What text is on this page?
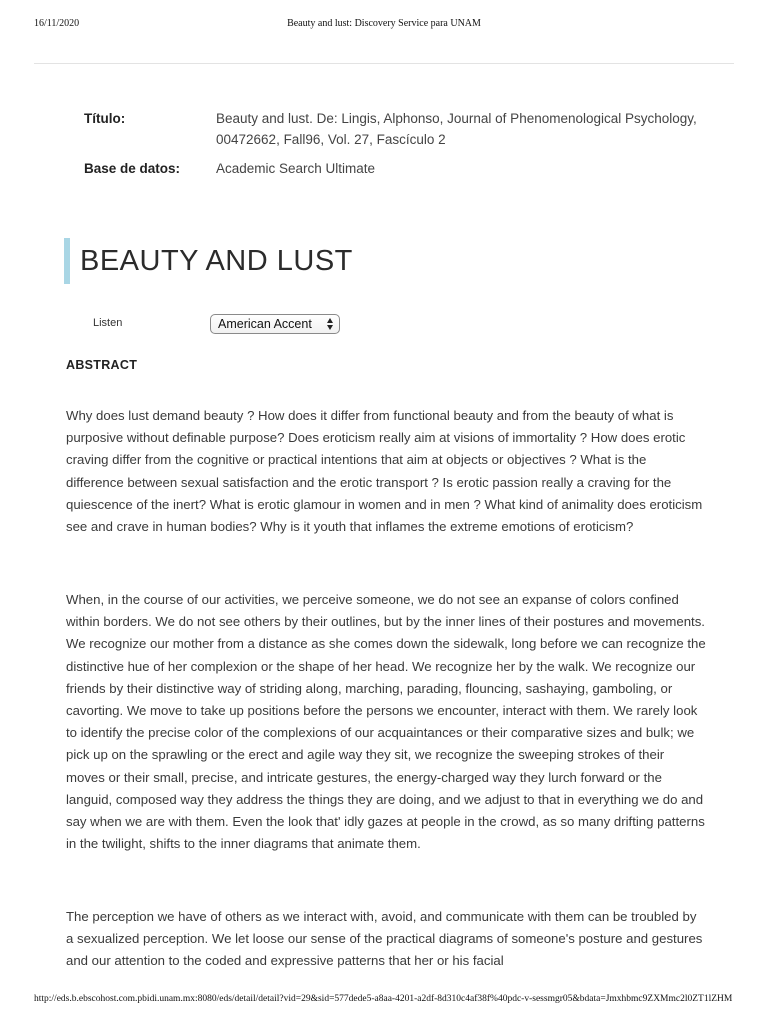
16/11/2020	Beauty and lust: Discovery Service para UNAM
Título:	Beauty and lust. De: Lingis, Alphonso, Journal of Phenomenological Psychology, 00472662, Fall96, Vol. 27, Fascículo 2
Base de datos:	Academic Search Ultimate
BEAUTY AND LUST
Listen	American Accent
ABSTRACT

Why does lust demand beauty ? How does it differ from functional beauty and from the beauty of what is purposive without definable purpose? Does eroticism really aim at visions of immortality ? How does erotic craving differ from the cognitive or practical intentions that aim at objects or objectives ? What is the difference between sexual satisfaction and the erotic transport ? Is erotic passion really a craving for the quiescence of the inert? What is erotic glamour in women and in men ? What kind of animality does eroticism see and crave in human bodies? Why is it youth that inflames the extreme emotions of eroticism?

When, in the course of our activities, we perceive someone, we do not see an expanse of colors confined within borders. We do not see others by their outlines, but by the inner lines of their postures and movements. We recognize our mother from a distance as she comes down the sidewalk, long before we can recognize the distinctive hue of her complexion or the shape of her head. We recognize her by the walk. We recognize our friends by their distinctive way of striding along, marching, parading, flouncing, sashaying, gamboling, or cavorting. We move to take up positions before the persons we encounter, interact with them. We rarely look to identify the precise color of the complexions of our acquaintances or their comparative sizes and bulk; we pick up on the sprawling or the erect and agile way they sit, we recognize the sweeping strokes of their moves or their small, precise, and intricate gestures, the energy-charged way they lurch forward or the languid, composed way they address the things they are doing, and we adjust to that in everything we do and say when we are with them. Even the look that' idly gazes at people in the crowd, as so many drifting patterns in the twilight, shifts to the inner diagrams that animate them.

The perception we have of others as we interact with, avoid, and communicate with them can be troubled by a sexualized perception. We let loose our sense of the practical diagrams of someone's posture and gestures and our attention to the coded and expressive patterns that her or his facial

http://eds.b.ebscohost.com.pbidi.unam.mx:8080/eds/detail/detail?vid=29&sid=577dede5-a8aa-4201-a2df-8d310c4af38f%40pdc-v-sessmgr05&bdata=Jmxhbmc9ZXMmc2l0ZT1lZHM
